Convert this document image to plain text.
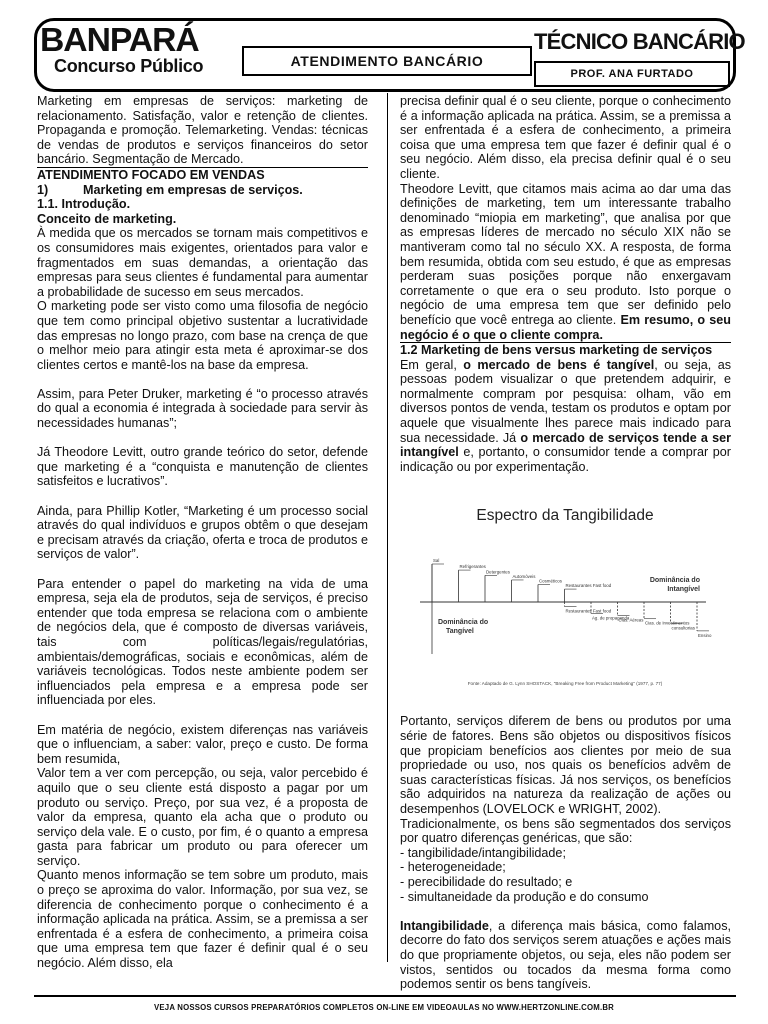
BANPARÁ
Concurso Público	ATENDIMENTO BANCÁRIO
TÉCNICO BANCÁRIO
PROF. ANA FURTADO

Marketing em empresas de serviços: marketing de relacionamento. Satisfação, valor e retenção de clientes. Propaganda e promoção. Telemarketing. Vendas: técnicas de vendas de produtos e serviços financeiros do setor bancário. Segmentação de Mercado.

ATENDIMENTO FOCADO EM VENDAS
1)	Marketing em empresas de serviços.
1.1. Introdução.
Conceito de marketing.

À medida que os mercados se tornam mais competitivos e os consumidores mais exigentes, orientados para valor e fragmentados em suas demandas, a orientação das empresas para seus clientes é fundamental para aumentar a probabilidade de sucesso em seus mercados.

O marketing pode ser visto como uma filosofia de negócio que tem como principal objetivo sustentar a lucratividade das empresas no longo prazo, com base na crença de que o melhor meio para atingir esta meta é aproximar-se dos clientes certos e mantê-los na base da empresa.

Assim, para Peter Druker, marketing é “o processo através do qual a economia é integrada à sociedade para servir às necessidades humanas”;

Já Theodore Levitt, outro grande teórico do setor, defende que marketing é a “conquista e manutenção de clientes satisfeitos e lucrativos”.

Ainda, para Phillip Kotler, “Marketing é um processo social através do qual indivíduos e grupos obtêm o que desejam e precisam através da criação, oferta e troca de produtos e serviços de valor”.

Para entender o papel do marketing na vida de uma empresa, seja ela de produtos, seja de serviços, é preciso entender que toda empresa se relaciona com o ambiente de negócios dela, que é composto de diversas variáveis, tais com políticas/legais/regulatórias, ambientais/demográficas, sociais e econômicas, além de variáveis tecnológicas. Todos neste ambiente podem ser influenciados pela empresa e a empresa pode ser influenciada por eles.

Em matéria de negócio, existem diferenças nas variáveis que o influenciam, a saber: valor, preço e custo. De forma bem resumida,

Valor tem a ver com percepção, ou seja, valor percebido é aquilo que o seu cliente está disposto a pagar por um produto ou serviço. Preço, por sua vez, é a proposta de valor da empresa, quanto ela acha que o produto ou serviço dela vale. E o custo, por fim, é o quanto a empresa gasta para fabricar um produto ou para oferecer um serviço.

Quanto menos informação se tem sobre um produto, mais o preço se aproxima do valor. Informação, por sua vez, se diferencia de conhecimento porque o conhecimento é a informação aplicada na prática. Assim, se a premissa a ser enfrentada é a esfera de conhecimento, a primeira coisa que uma empresa tem que fazer é definir qual é o seu negócio. Além disso, ela

precisa definir qual é o seu cliente, porque o conhecimento é a informação aplicada na prática. Assim, se a premissa a ser enfrentada é a esfera de conhecimento, a primeira coisa que uma empresa tem que fazer é definir qual é o seu negócio. Além disso, ela precisa definir qual é o seu cliente.

Theodore Levitt, que citamos mais acima ao dar uma das definições de marketing, tem um interessante trabalho denominado “miopia em marketing”, que analisa por que as empresas líderes de mercado no século XIX não se mantiveram como tal no século XX. A resposta, de forma bem resumida, obtida com seu estudo, é que as empresas perderam suas posições porque não enxergavam corretamente o que era o seu produto. Isto porque o negócio de uma empresa tem que ser definido pelo benefício que você entrega ao cliente. Em resumo, o seu negócio é o que o cliente compra.

1.2 Marketing de bens versus marketing de serviços

Em geral, o mercado de bens é tangível, ou seja, as pessoas podem visualizar o que pretendem adquirir, e normalmente compram por pesquisa: olham, vão em diversos pontos de venda, testam os produtos e optam por aquele que visualmente lhes parece mais indicado para sua necessidade. Já o mercado de serviços tende a ser intangível e, portanto, o consumidor tende a comprar por indicação ou por experimentação.

Espectro da Tangibilidade
Sal
Refrigerantes
Detergentes
Automóveis
Cosméticos
Restaurantes Fast food
Restaurantes Fast food
Ag. de propaganda
Cias. Aéreas
Cias. de Investimentos
consultorias
Ensino
Dominância do Tangível
Dominância do Intangível
Fonte: Adaptado de G. Lynn SHOSTACK, "Breaking Free from Product Marketing" (1977, p. 77)

Portanto, serviços diferem de bens ou produtos por uma série de fatores. Bens são objetos ou dispositivos físicos que propiciam benefícios aos clientes por meio de sua propriedade ou uso, nos quais os benefícios advêm de suas características físicas. Já nos serviços, os benefícios são adquiridos na natureza da realização de ações ou desempenhos (LOVELOCK e WRIGHT, 2002).

Tradicionalmente, os bens são segmentados dos serviços por quatro diferenças genéricas, que são:

- tangibilidade/intangibilidade;
- heterogeneidade;
- perecibilidade do resultado; e
- simultaneidade da produção e do consumo

Intangibilidade, a diferença mais básica, como falamos, decorre do fato dos serviços serem atuações e ações mais do que propriamente objetos, ou seja, eles não podem ser vistos, sentidos ou tocados da mesma forma como podemos sentir os bens tangíveis.

VEJA NOSSOS CURSOS PREPARATÓRIOS COMPLETOS ON-LINE EM VIDEOAULAS NO WWW.HERTZONLINE.COM.BR
